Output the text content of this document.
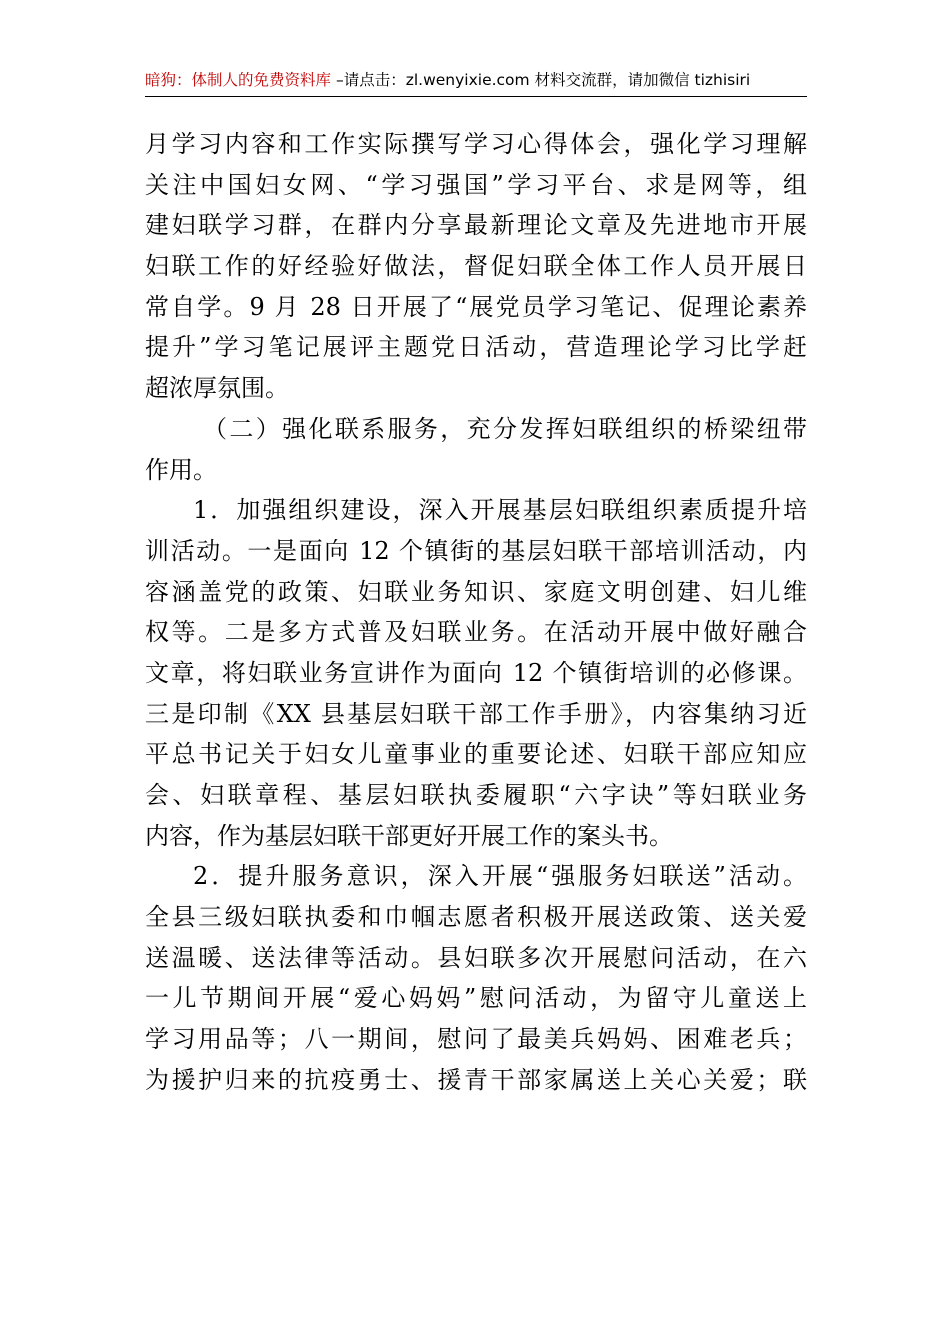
暗狗：体制人的免费资料库 –请点击：zl.wenyixie.com 材料交流群，请加微信 tizhisiri
月学习内容和工作实际撰写学习心得体会，强化学习理解
关注中国妇女网、“学习强国”学习平台、求是网等，组
建妇联学习群，在群内分享最新理论文章及先进地市开展
妇联工作的好经验好做法，督促妇联全体工作人员开展日
常自学。9 月 28 日开展了“展党员学习笔记、促理论素养
提升”学习笔记展评主题党日活动，营造理论学习比学赶
超浓厚氛围。
（二）强化联系服务，充分发挥妇联组织的桥梁纽带
作用。
1．加强组织建设，深入开展基层妇联组织素质提升培
训活动。一是面向 12 个镇街的基层妇联干部培训活动，内
容涵盖党的政策、妇联业务知识、家庭文明创建、妇儿维
权等。二是多方式普及妇联业务。在活动开展中做好融合
文章，将妇联业务宣讲作为面向 12 个镇街培训的必修课。
三是印制《XX 县基层妇联干部工作手册》，内容集纳习近
平总书记关于妇女儿童事业的重要论述、妇联干部应知应
会、妇联章程、基层妇联执委履职“六字诀”等妇联业务
内容，作为基层妇联干部更好开展工作的案头书。
2．提升服务意识，深入开展“强服务妇联送”活动。
全县三级妇联执委和巾帼志愿者积极开展送政策、送关爱
送温暖、送法律等活动。县妇联多次开展慰问活动，在六
一儿节期间开展“爱心妈妈”慰问活动，为留守儿童送上
学习用品等；八一期间，慰问了最美兵妈妈、困难老兵；
为援护归来的抗疫勇士、援青干部家属送上关心关爱；联
